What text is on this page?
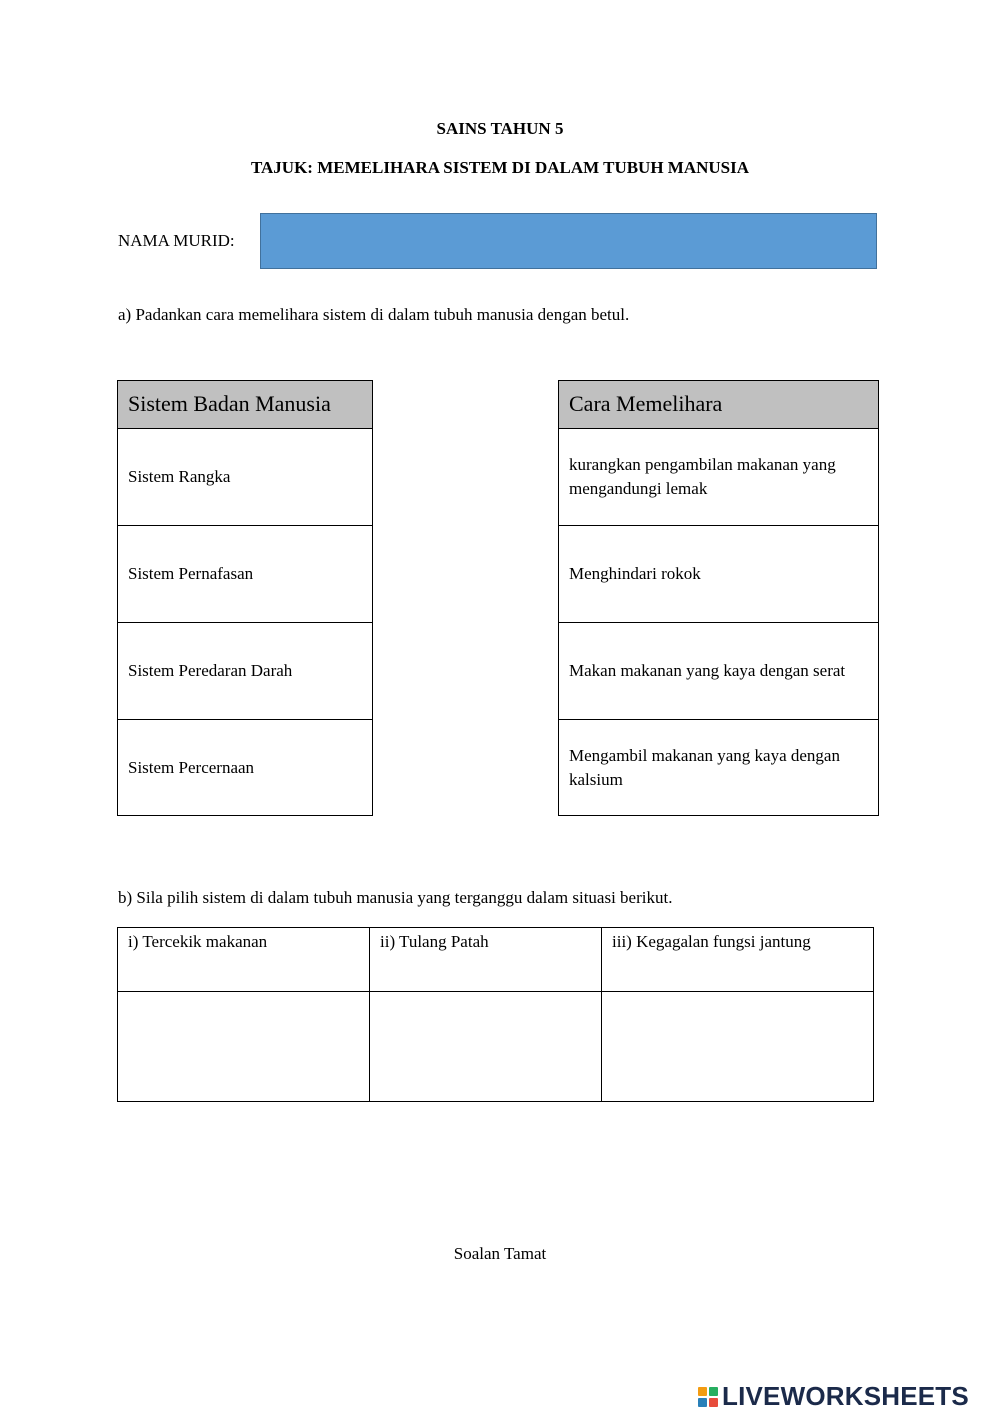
SAINS TAHUN 5
TAJUK: MEMELIHARA SISTEM DI DALAM TUBUH MANUSIA
NAMA MURID:
a) Padankan cara memelihara sistem di dalam tubuh manusia dengan betul.
Sistem Badan Manusia
Sistem Rangka
Sistem Pernafasan
Sistem Peredaran Darah
Sistem Percernaan
Cara Memelihara
kurangkan pengambilan makanan yang mengandungi lemak
Menghindari rokok
Makan makanan yang kaya dengan serat
Mengambil makanan yang kaya dengan kalsium
b) Sila pilih sistem di dalam tubuh manusia yang terganggu dalam situasi berikut.
i) Tercekik makanan	ii) Tulang Patah	iii) Kegagalan fungsi jantung

Soalan Tamat
LIVEWORKSHEETS
